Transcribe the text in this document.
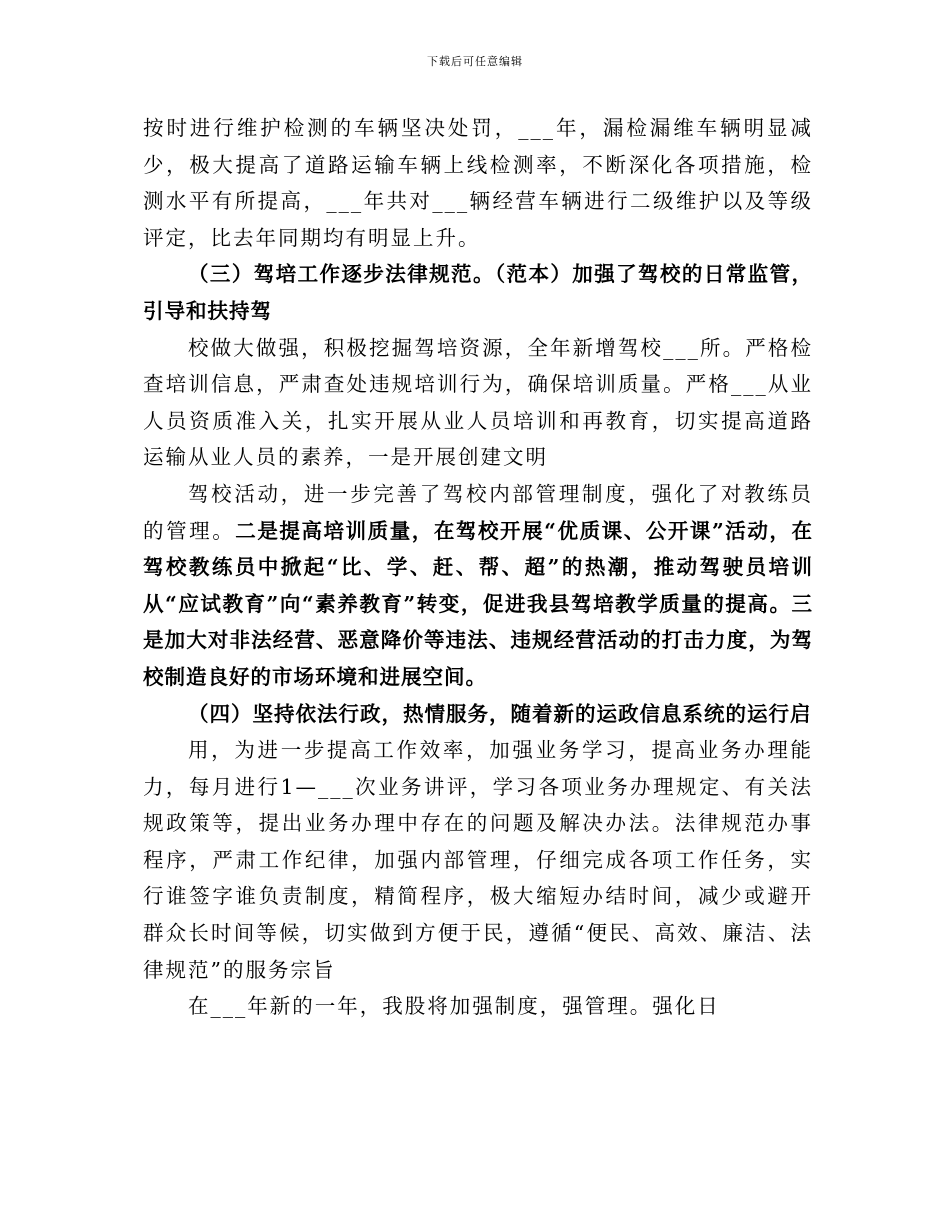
下载后可任意编辑

按时进行维护检测的车辆坚决处罚，___年，漏检漏维车辆明显减少，极大提高了道路运输车辆上线检测率，不断深化各项措施，检测水平有所提高，___年共对___辆经营车辆进行二级维护以及等级评定，比去年同期均有明显上升。

（三）驾培工作逐步法律规范。（范本）加强了驾校的日常监管，引导和扶持驾

校做大做强，积极挖掘驾培资源，全年新增驾校___所。严格检查培训信息，严肃查处违规培训行为，确保培训质量。严格___从业人员资质准入关，扎实开展从业人员培训和再教育，切实提高道路运输从业人员的素养，一是开展创建文明

驾校活动，进一步完善了驾校内部管理制度，强化了对教练员的管理。二是提高培训质量，在驾校开展“优质课、公开课”活动，在驾校教练员中掀起“比、学、赶、帮、超”的热潮，推动驾驶员培训从“应试教育”向“素养教育”转变，促进我县驾培教学质量的提高。三是加大对非法经营、恶意降价等违法、违规经营活动的打击力度，为驾校制造良好的市场环境和进展空间。

（四）坚持依法行政，热情服务，随着新的运政信息系统的运行启

用，为进一步提高工作效率，加强业务学习，提高业务办理能力，每月进行1—___次业务讲评，学习各项业务办理规定、有关法规政策等，提出业务办理中存在的问题及解决办法。法律规范办事程序，严肃工作纪律，加强内部管理，仔细完成各项工作任务，实行谁签字谁负责制度，精简程序，极大缩短办结时间，减少或避开群众长时间等候，切实做到方便于民，遵循“便民、高效、廉洁、法律规范”的服务宗旨

在___年新的一年，我股将加强制度，强管理。强化日
